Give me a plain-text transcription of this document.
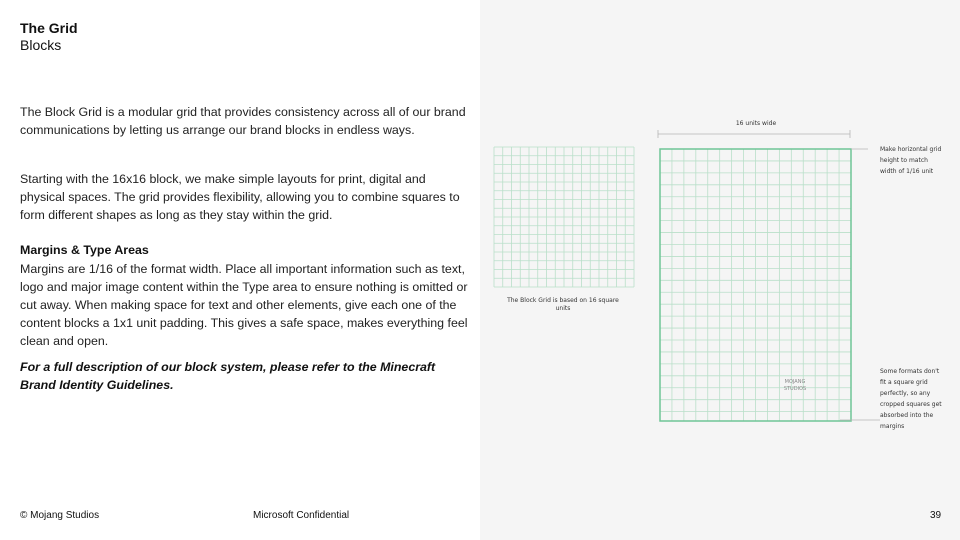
The Grid
Blocks

The Block Grid is a modular grid that provides consistency across all of our brand communications by letting us arrange our brand blocks in endless ways.

Starting with the 16x16 block, we make simple layouts for print, digital and physical spaces. The grid provides flexibility, allowing you to combine squares to form different shapes as long as they stay within the grid.

Margins & Type Areas

Margins are 1/16 of the format width. Place all important information such as text, logo and major image content within the Type area to ensure nothing is omitted or cut away. When making space for text and other elements, give each one of the content blocks a 1x1 unit padding. This gives a safe space, makes everything feel clean and open.

For a full description of our block system, please refer to the Minecraft Brand Identity Guidelines.

The Block Grid is based on 16 square
units
16 units wide
Make horizontal grid
height to match
width of 1/16 unit
Some formats don't
fit a square grid
perfectly, so any
cropped squares get
absorbed into the
margins
MOJANG
STUDIOS
© Mojang Studios	Microsoft Confidential	39
